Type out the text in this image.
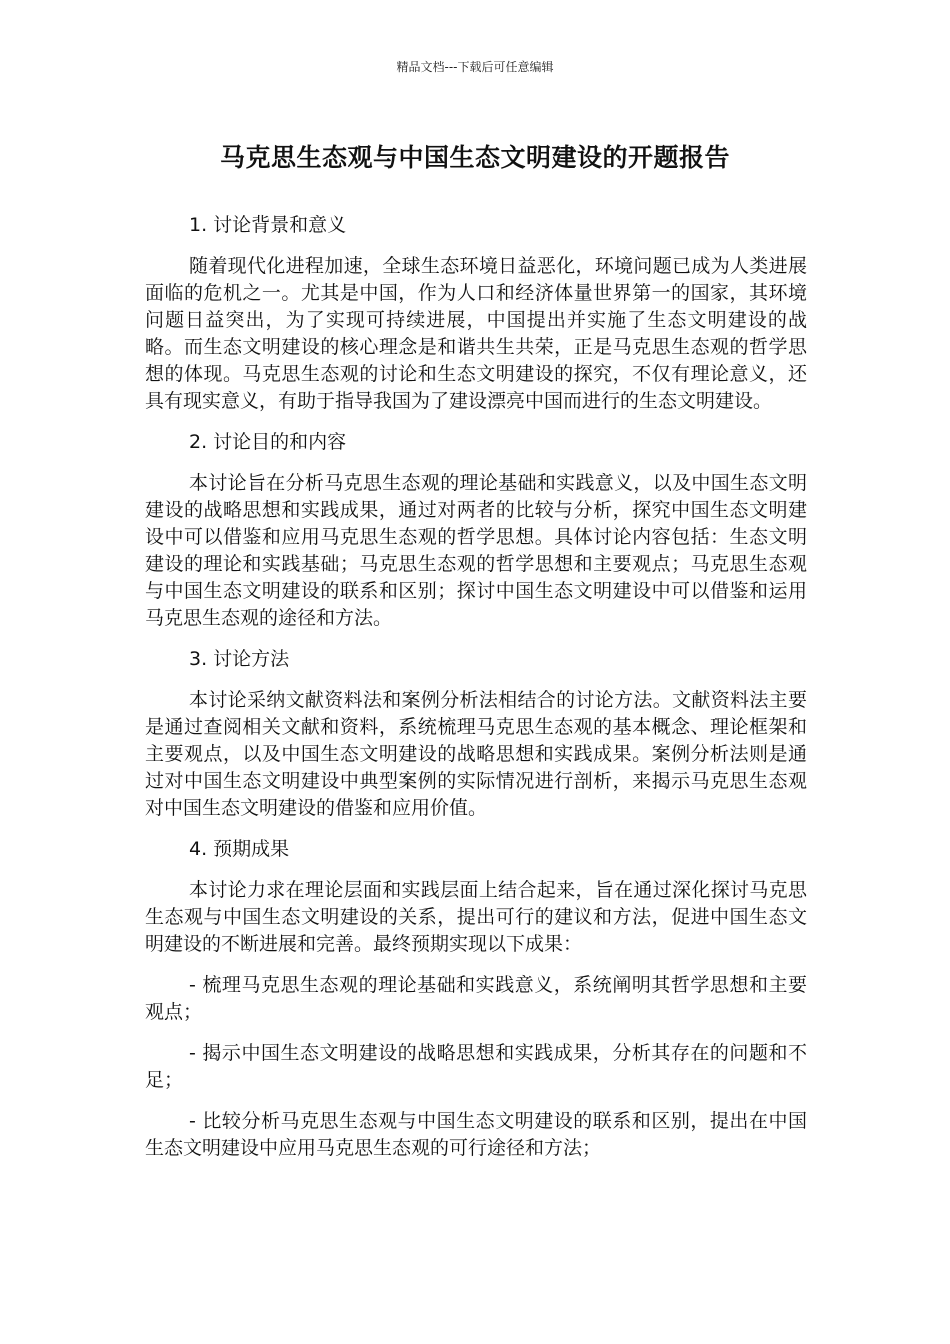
精品文档---下载后可任意编辑
马克思生态观与中国生态文明建设的开题报告

1. 讨论背景和意义

随着现代化进程加速，全球生态环境日益恶化，环境问题已成为人类进展面临的危机之一。尤其是中国，作为人口和经济体量世界第一的国家，其环境问题日益突出，为了实现可持续进展，中国提出并实施了生态文明建设的战略。而生态文明建设的核心理念是和谐共生共荣，正是马克思生态观的哲学思想的体现。马克思生态观的讨论和生态文明建设的探究，不仅有理论意义，还具有现实意义，有助于指导我国为了建设漂亮中国而进行的生态文明建设。

2. 讨论目的和内容

本讨论旨在分析马克思生态观的理论基础和实践意义，以及中国生态文明建设的战略思想和实践成果，通过对两者的比较与分析，探究中国生态文明建设中可以借鉴和应用马克思生态观的哲学思想。具体讨论内容包括：生态文明建设的理论和实践基础；马克思生态观的哲学思想和主要观点；马克思生态观与中国生态文明建设的联系和区别；探讨中国生态文明建设中可以借鉴和运用马克思生态观的途径和方法。

3. 讨论方法

本讨论采纳文献资料法和案例分析法相结合的讨论方法。文献资料法主要是通过查阅相关文献和资料，系统梳理马克思生态观的基本概念、理论框架和主要观点，以及中国生态文明建设的战略思想和实践成果。案例分析法则是通过对中国生态文明建设中典型案例的实际情况进行剖析，来揭示马克思生态观对中国生态文明建设的借鉴和应用价值。

4. 预期成果

本讨论力求在理论层面和实践层面上结合起来，旨在通过深化探讨马克思生态观与中国生态文明建设的关系，提出可行的建议和方法，促进中国生态文明建设的不断进展和完善。最终预期实现以下成果：

- 梳理马克思生态观的理论基础和实践意义，系统阐明其哲学思想和主要观点；

- 揭示中国生态文明建设的战略思想和实践成果，分析其存在的问题和不足；

- 比较分析马克思生态观与中国生态文明建设的联系和区别，提出在中国生态文明建设中应用马克思生态观的可行途径和方法；
